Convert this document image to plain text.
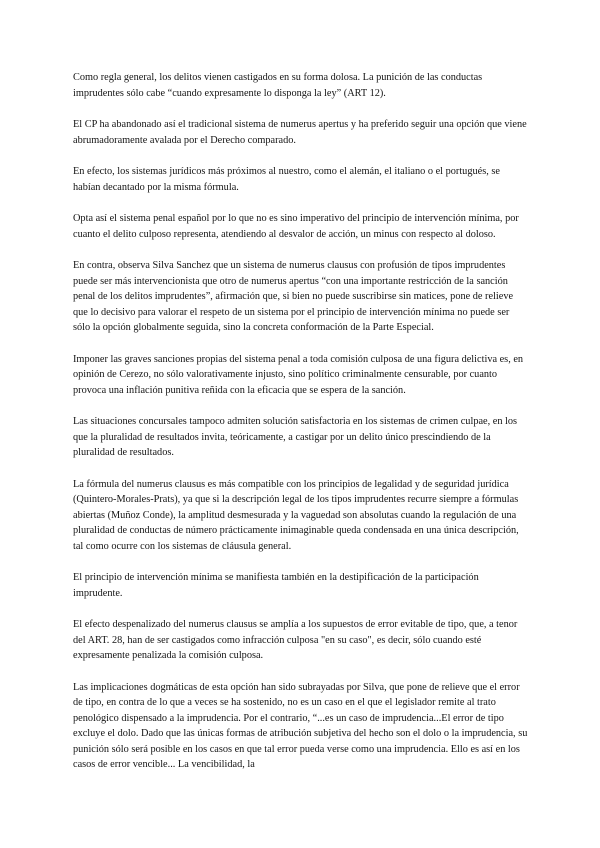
Como regla general, los delitos vienen castigados en su forma dolosa. La punición de las conductas imprudentes sólo cabe “cuando expresamente lo disponga la ley” (ART 12).

El CP ha abandonado así el tradicional sistema de numerus apertus y ha preferido seguir una opción que viene abrumadoramente avalada por el Derecho comparado.

En efecto, los sistemas jurídicos más próximos al nuestro, como el alemán, el italiano o el portugués, se habían decantado por la misma fórmula.

Opta así el sistema penal español por lo que no es sino imperativo del principio de intervención mínima, por cuanto el delito culposo representa, atendiendo al desvalor de acción, un minus con respecto al doloso.

En contra, observa Silva Sanchez que un sistema de numerus clausus con profusión de tipos imprudentes puede ser más intervencionista que otro de numerus apertus “con una importante restricción de la sanción penal de los delitos imprudentes”, afirmación que, si bien no puede suscribirse sin matices, pone de relieve que lo decisivo para valorar el respeto de un sistema por el principio de intervención mínima no puede ser sólo la opción globalmente seguida, sino la concreta conformación de la Parte Especial.

Imponer las graves sanciones propias del sistema penal a toda comisión culposa de una figura delictiva es, en opinión de Cerezo, no sólo valorativamente injusto, sino político criminalmente censurable, por cuanto provoca una inflación punitiva reñida con la eficacia que se espera de la sanción.

Las situaciones concursales tampoco admiten solución satisfactoria en los sistemas de crimen culpae, en los que la pluralidad de resultados invita, teóricamente, a castigar por un delito único prescindiendo de la pluralidad de resultados.

La fórmula del numerus clausus es más compatible con los principios de legalidad y de seguridad jurídica (Quintero-Morales-Prats), ya que si la descripción legal de los tipos imprudentes recurre siempre a fórmulas abiertas (Muñoz Conde), la amplitud desmesurada y la vaguedad son absolutas cuando la regulación de una pluralidad de conductas de número prácticamente inimaginable queda condensada en una única descripción, tal como ocurre con los sistemas de cláusula general.

El principio de intervención mínima se manifiesta también en la destipificación de la participación imprudente.

El efecto despenalizado del numerus clausus se amplía a los supuestos de error evitable de tipo, que, a tenor del ART. 28, han de ser castigados como infracción culposa "en su caso", es decir, sólo cuando esté expresamente penalizada la comisión culposa.

Las implicaciones dogmáticas de esta opción han sido subrayadas por Silva, que pone de relieve que el error de tipo, en contra de lo que a veces se ha sostenido, no es un caso en el que el legislador remite al trato penológico dispensado a la imprudencia. Por el contrario, “...es un caso de imprudencia...El error de tipo excluye el dolo. Dado que las únicas formas de atribución subjetiva del hecho son el dolo o la imprudencia, su punición sólo será posible en los casos en que tal error pueda verse como una imprudencia. Ello es así en los casos de error vencible... La vencibilidad, la
